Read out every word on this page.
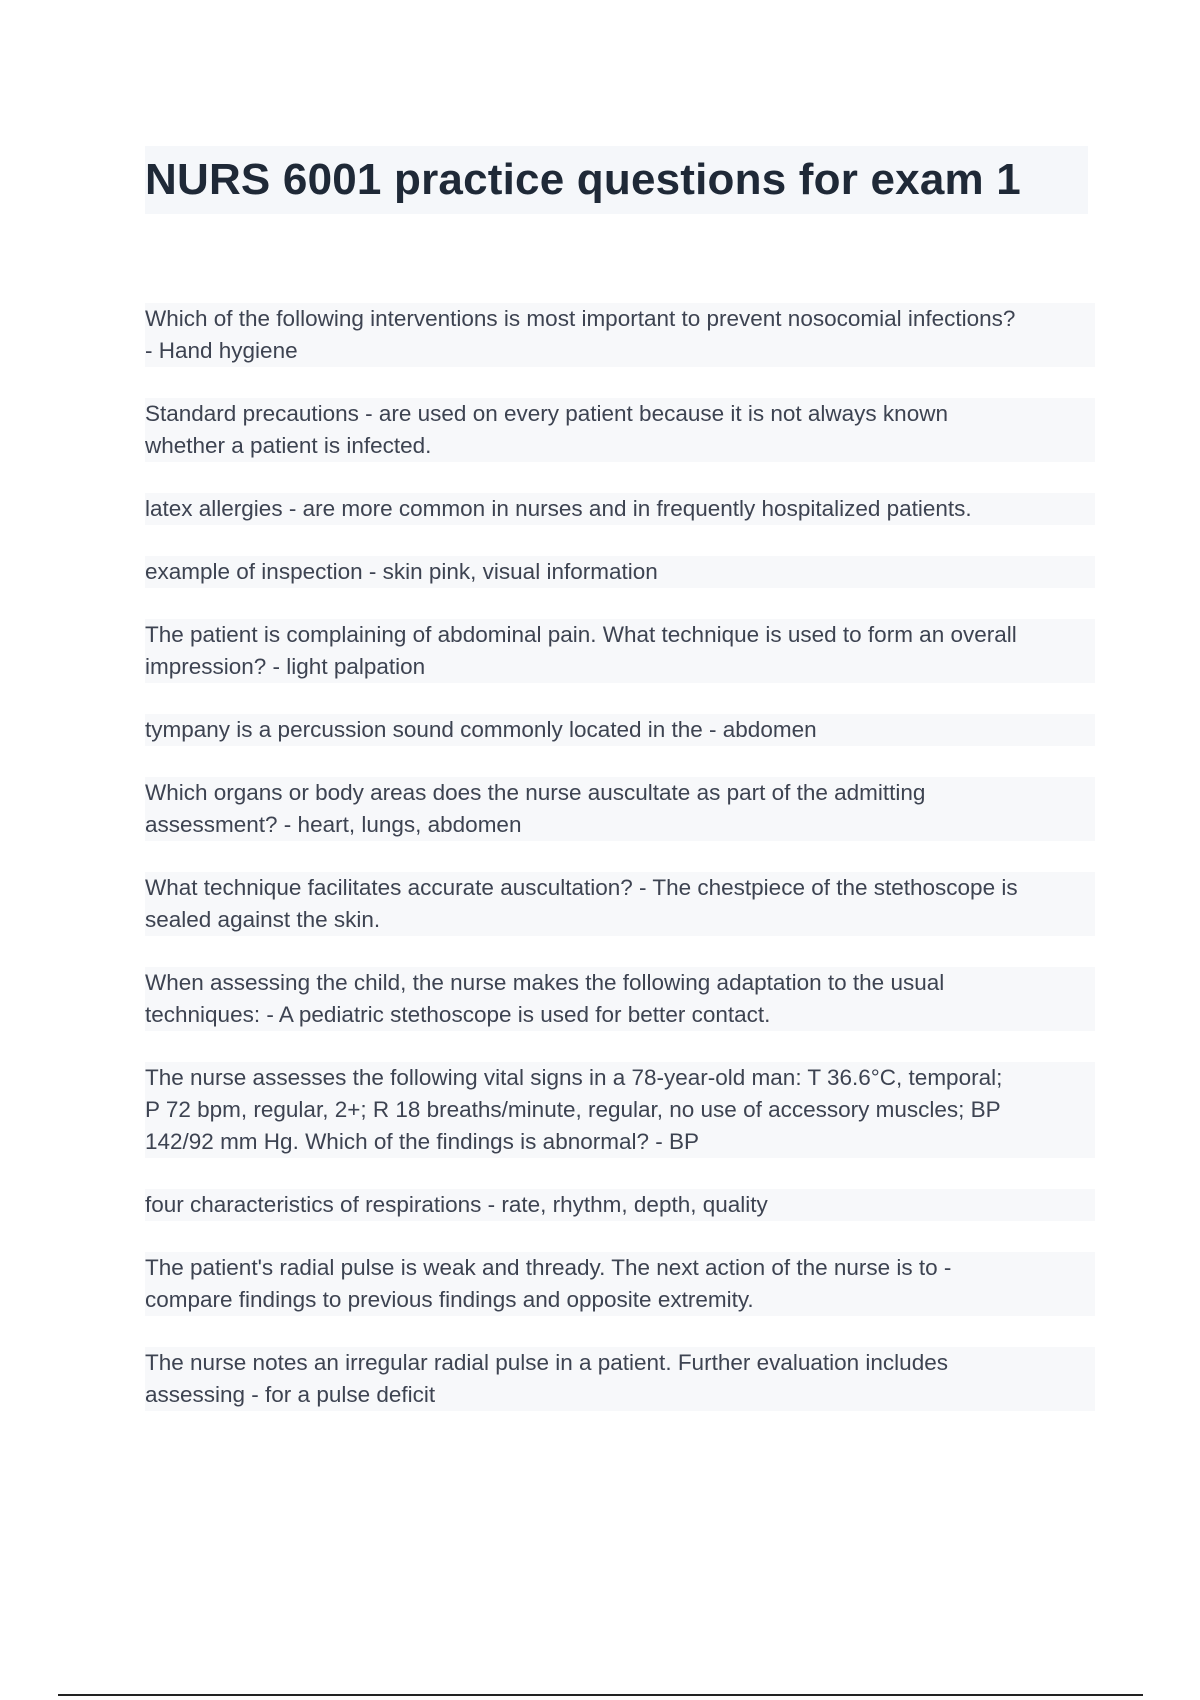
NURS 6001 practice questions for exam 1
Which of the following interventions is most important to prevent nosocomial infections?
- Hand hygiene
Standard precautions - are used on every patient because it is not always known
whether a patient is infected.
latex allergies - are more common in nurses and in frequently hospitalized patients.
example of inspection - skin pink, visual information
The patient is complaining of abdominal pain. What technique is used to form an overall
impression? - light palpation
tympany is a percussion sound commonly located in the - abdomen
Which organs or body areas does the nurse auscultate as part of the admitting
assessment? - heart, lungs, abdomen
What technique facilitates accurate auscultation? - The chestpiece of the stethoscope is
sealed against the skin.
When assessing the child, the nurse makes the following adaptation to the usual
techniques: - A pediatric stethoscope is used for better contact.
The nurse assesses the following vital signs in a 78-year-old man: T 36.6°C, temporal;
P 72 bpm, regular, 2+; R 18 breaths/minute, regular, no use of accessory muscles; BP
142/92 mm Hg. Which of the findings is abnormal? - BP
four characteristics of respirations - rate, rhythm, depth, quality
The patient's radial pulse is weak and thready. The next action of the nurse is to -
compare findings to previous findings and opposite extremity.
The nurse notes an irregular radial pulse in a patient. Further evaluation includes
assessing - for a pulse deficit
